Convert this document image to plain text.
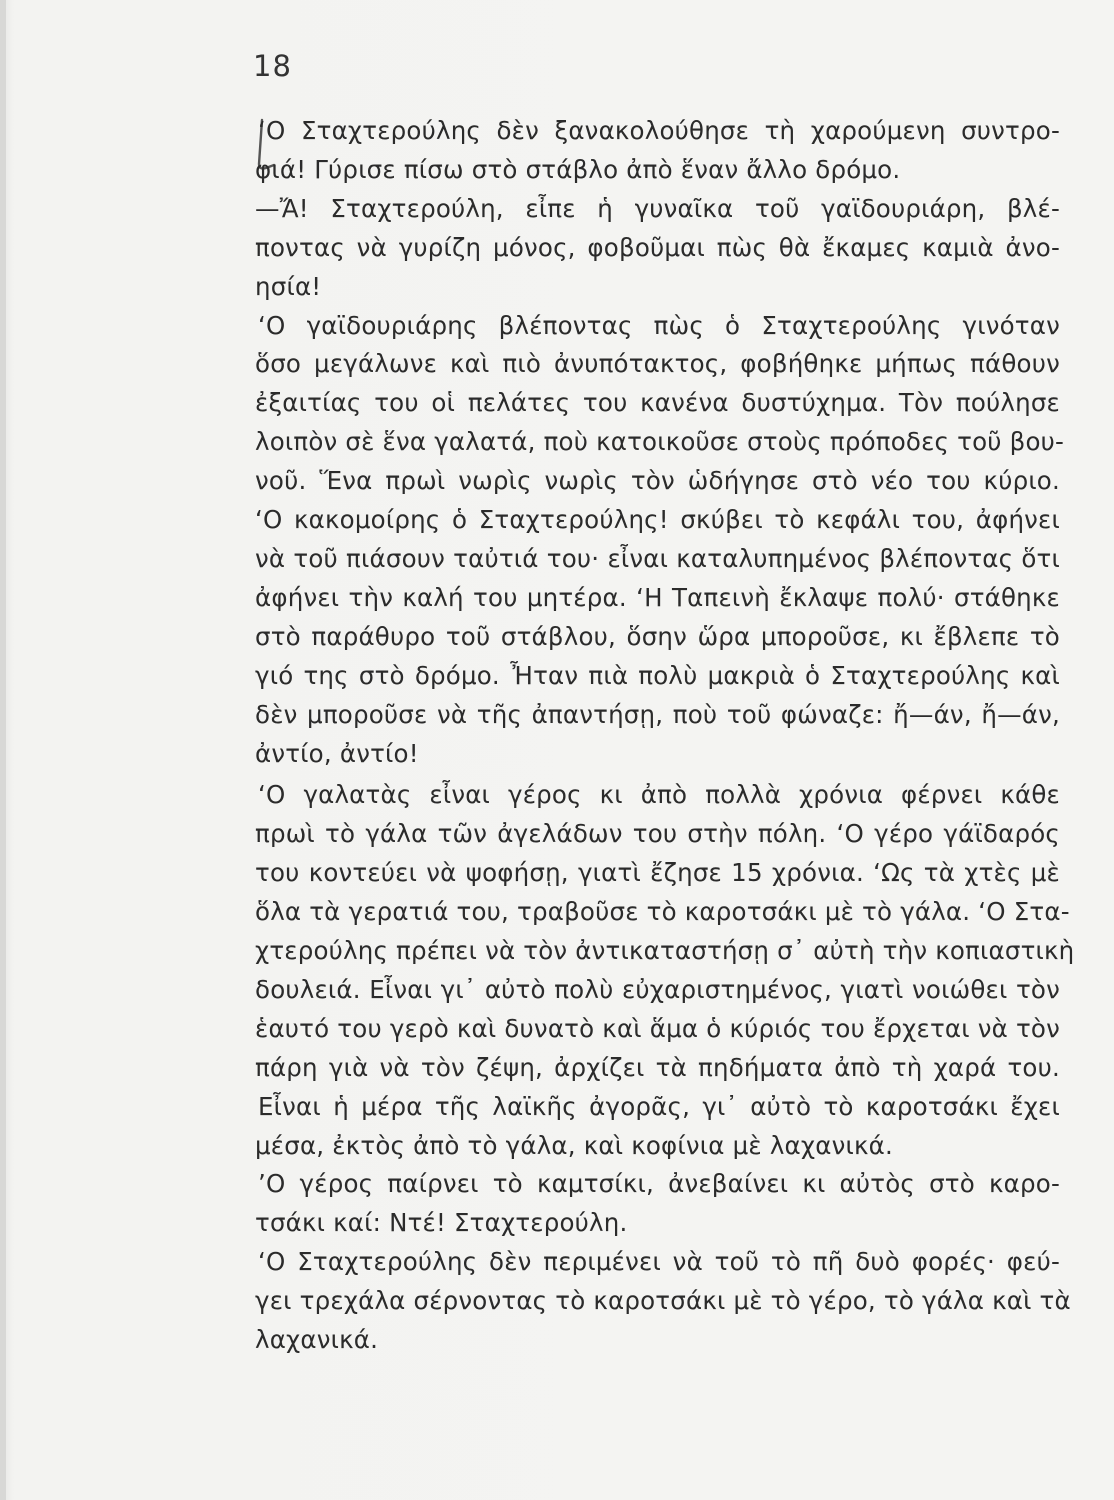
18
‘Ο Σταχτερούλης δὲν ξανακολούθησε τὴ χαρούμενη συντρο-
φιά! Γύρισε πίσω στὸ στάβλο ἀπὸ ἕναν ἄλλο δρόμο.
—Ἄ! Σταχτερούλη, εἶπε ἡ γυναῖκα τοῦ γαϊδουριάρη, βλέ-
ποντας νὰ γυρίζη μόνος, φοβοῦμαι πὼς θὰ ἔκαμες καμιὰ ἀνο-
ησία!
‘Ο γαϊδουριάρης βλέποντας πὼς ὁ Σταχτερούλης γινόταν
ὅσο μεγάλωνε καὶ πιὸ ἀνυπότακτος, φοβήθηκε μήπως πάθουν
ἐξαιτίας του οἱ πελάτες του κανένα δυστύχημα. Τὸν πούλησε
λοιπὸν σὲ ἕνα γαλατά, ποὺ κατοικοῦσε στοὺς πρόποδες τοῦ βου-
νοῦ. Ἕνα πρωὶ νωρὶς νωρὶς τὸν ὡδήγησε στὸ νέο του κύριο.
‘Ο κακομοίρης ὁ Σταχτερούλης! σκύβει τὸ κεφάλι του, ἀφήνει
νὰ τοῦ πιάσουν ταὐτιά του· εἶναι καταλυπημένος βλέποντας ὅτι
ἀφήνει τὴν καλή του μητέρα. ‘Η Ταπεινὴ ἔκλαψε πολύ· στάθηκε
στὸ παράθυρο τοῦ στάβλου, ὅσην ὥρα μποροῦσε, κι ἔβλεπε τὸ
γιό της στὸ δρόμο. Ἦταν πιὰ πολὺ μακριὰ ὁ Σταχτερούλης καὶ
δὲν μποροῦσε νὰ τῆς ἀπαντήσῃ, ποὺ τοῦ φώναζε: ἤ—άν, ἤ—άν,
ἀντίο, ἀντίο!
‘Ο γαλατὰς εἶναι γέρος κι ἀπὸ πολλὰ χρόνια φέρνει κάθε
πρωὶ τὸ γάλα τῶν ἀγελάδων του στὴν πόλη. ‘Ο γέρο γάϊδαρός
του κοντεύει νὰ ψοφήσῃ, γιατὶ ἔζησε 15 χρόνια. ‘Ως τὰ χτὲς μὲ
ὅλα τὰ γερατιά του, τραβοῦσε τὸ καροτσάκι μὲ τὸ γάλα. ‘Ο Στα-
χτερούλης πρέπει νὰ τὸν ἀντικαταστήσῃ σ᾽ αὐτὴ τὴν κοπιαστικὴ
δουλειά. Εἶναι γι᾽ αὐτὸ πολὺ εὐχαριστημένος, γιατὶ νοιώθει τὸν
ἑαυτό του γερὸ καὶ δυνατὸ καὶ ἅμα ὁ κύριός του ἔρχεται νὰ τὸν
πάρη γιὰ νὰ τὸν ζέψη, ἀρχίζει τὰ πηδήματα ἀπὸ τὴ χαρά του.
Εἶναι ἡ μέρα τῆς λαϊκῆς ἀγορᾶς, γι᾽ αὐτὸ τὸ καροτσάκι ἔχει
μέσα, ἐκτὸς ἀπὸ τὸ γάλα, καὶ κοφίνια μὲ λαχανικά.
’Ο γέρος παίρνει τὸ καμτσίκι, ἀνεβαίνει κι αὐτὸς στὸ καρο-
τσάκι καί: Ντέ! Σταχτερούλη.
‘Ο Σταχτερούλης δὲν περιμένει νὰ τοῦ τὸ πῆ δυὸ φορές· φεύ-
γει τρεχάλα σέρνοντας τὸ καροτσάκι μὲ τὸ γέρο, τὸ γάλα καὶ τὰ
λαχανικά.
